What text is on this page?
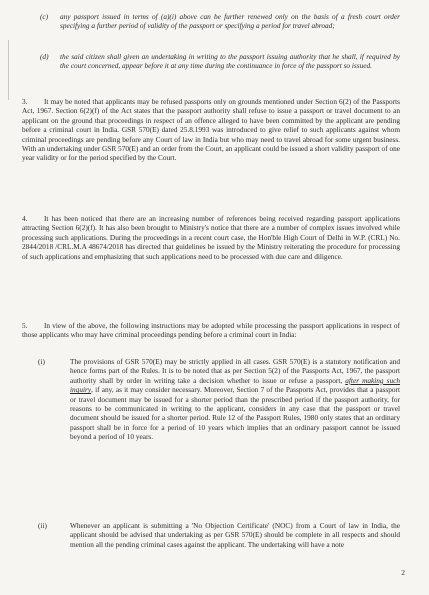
(c) any passport issued in terms of (a)(i) above can be further renewed only on the basis of a fresh court order specifying a further period of validity of the passport or specifying a period for travel abroad;
(d) the said citizen shall given an undertaking in writing to the passport issuing authority that he shall, if required by the court concerned, appear before it at any time during the continuance in force of the passport so issued.
3.	It may be noted that applicants may be refused passports only on grounds mentioned under Section 6(2) of the Passports Act, 1967. Section 6(2)(f) of the Act states that the passport authority shall refuse to issue a passport or travel document to an applicant on the ground that proceedings in respect of an offence alleged to have been committed by the applicant are pending before a criminal court in India. GSR 570(E) dated 25.8.1993 was introduced to give relief to such applicants against whom criminal proceedings are pending before any Court of law in India but who may need to travel abroad for some urgent business. With an undertaking under GSR 570(E) and an order from the Court, an applicant could be issued a short validity passport of one year validity or for the period specified by the Court.
4.	It has been noticed that there are an increasing number of references being received regarding passport applications attracting Section 6(2)(f). It has also been brought to Ministry's notice that there are a number of complex issues involved while processing such applications. During the proceedings in a recent court case, the Hon'ble High Court of Delhi in W.P. (CRL) No. 2844/2018 /CRL.M.A 48674/2018 has directed that guidelines be issued by the Ministry reiterating the procedure for processing of such applications and emphasizing that such applications need to be processed with due care and diligence.
5.	In view of the above, the following instructions may be adopted while processing the passport applications in respect of those applicants who may have criminal proceedings pending before a criminal court in India:
(i)	The provisions of GSR 570(E) may be strictly applied in all cases. GSR 570(E) is a statutory notification and hence forms part of the Rules. It is to be noted that as per Section 5(2) of the Passports Act, 1967, the passport authority shall by order in writing take a decision whether to issue or refuse a passport, after making such inquiry, if any, as it may consider necessary. Moreover, Section 7 of the Passports Act, provides that a passport or travel document may be issued for a shorter period than the prescribed period if the passport authority, for reasons to be communicated in writing to the applicant, considers in any case that the passport or travel document should be issued for a shorter period. Rule 12 of the Passport Rules, 1980 only states that an ordinary passport shall be in force for a period of 10 years which implies that an ordinary passport cannot be issued beyond a period of 10 years.
(ii)	Whenever an applicant is submitting a 'No Objection Certificate' (NOC) from a Court of law in India, the applicant should be advised that undertaking as per GSR 570(E) should be complete in all respects and should mention all the pending criminal cases against the applicant. The undertaking will have a note
2
